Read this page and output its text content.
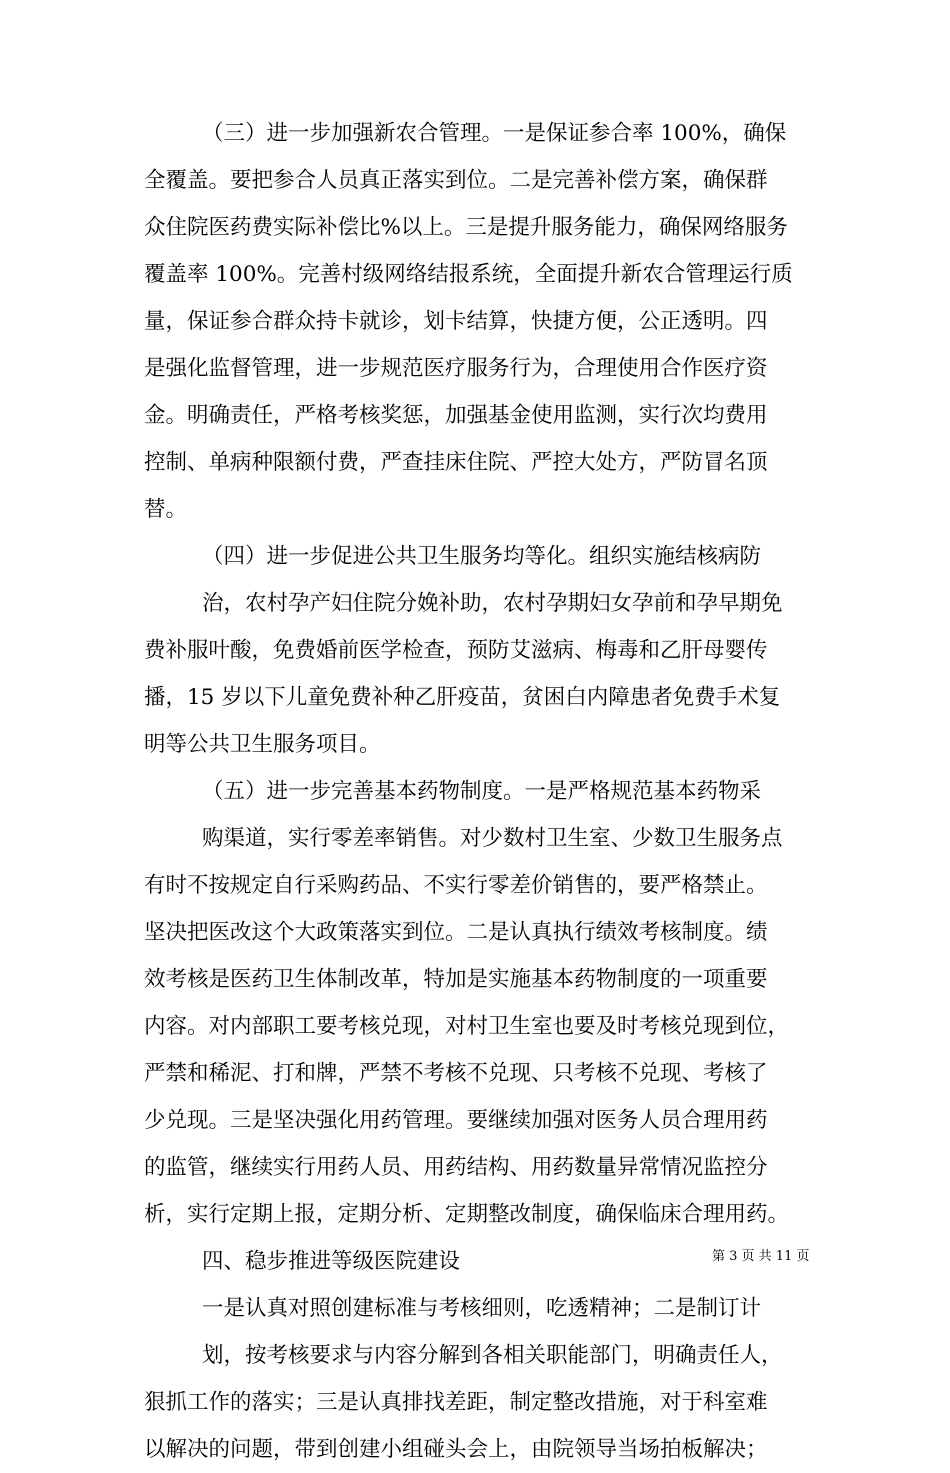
（三）进一步加强新农合管理。一是保证参合率 100%，确保
全覆盖。要把参合人员真正落实到位。二是完善补偿方案，确保群
众住院医药费实际补偿比%以上。三是提升服务能力，确保网络服务
覆盖率 100%。完善村级网络结报系统，全面提升新农合管理运行质
量，保证参合群众持卡就诊，划卡结算，快捷方便，公正透明。四
是强化监督管理，进一步规范医疗服务行为，合理使用合作医疗资
金。明确责任，严格考核奖惩，加强基金使用监测，实行次均费用
控制、单病种限额付费，严查挂床住院、严控大处方，严防冒名顶
替。
（四）进一步促进公共卫生服务均等化。组织实施结核病防
治，农村孕产妇住院分娩补助，农村孕期妇女孕前和孕早期免
费补服叶酸，免费婚前医学检查，预防艾滋病、梅毒和乙肝母婴传
播，15 岁以下儿童免费补种乙肝疫苗，贫困白内障患者免费手术复
明等公共卫生服务项目。
（五）进一步完善基本药物制度。一是严格规范基本药物采
购渠道，实行零差率销售。对少数村卫生室、少数卫生服务点
有时不按规定自行采购药品、不实行零差价销售的，要严格禁止。
坚决把医改这个大政策落实到位。二是认真执行绩效考核制度。绩
效考核是医药卫生体制改革，特加是实施基本药物制度的一项重要
内容。对内部职工要考核兑现，对村卫生室也要及时考核兑现到位，
严禁和稀泥、打和牌，严禁不考核不兑现、只考核不兑现、考核了
少兑现。三是坚决强化用药管理。要继续加强对医务人员合理用药
的监管，继续实行用药人员、用药结构、用药数量异常情况监控分
析，实行定期上报，定期分析、定期整改制度，确保临床合理用药。
四、稳步推进等级医院建设
一是认真对照创建标准与考核细则，吃透精神；二是制订计
划，按考核要求与内容分解到各相关职能部门，明确责任人，
狠抓工作的落实；三是认真排找差距，制定整改措施，对于科室难
以解决的问题，带到创建小组碰头会上，由院领导当场拍板解决；
第 3 页 共 11 页
